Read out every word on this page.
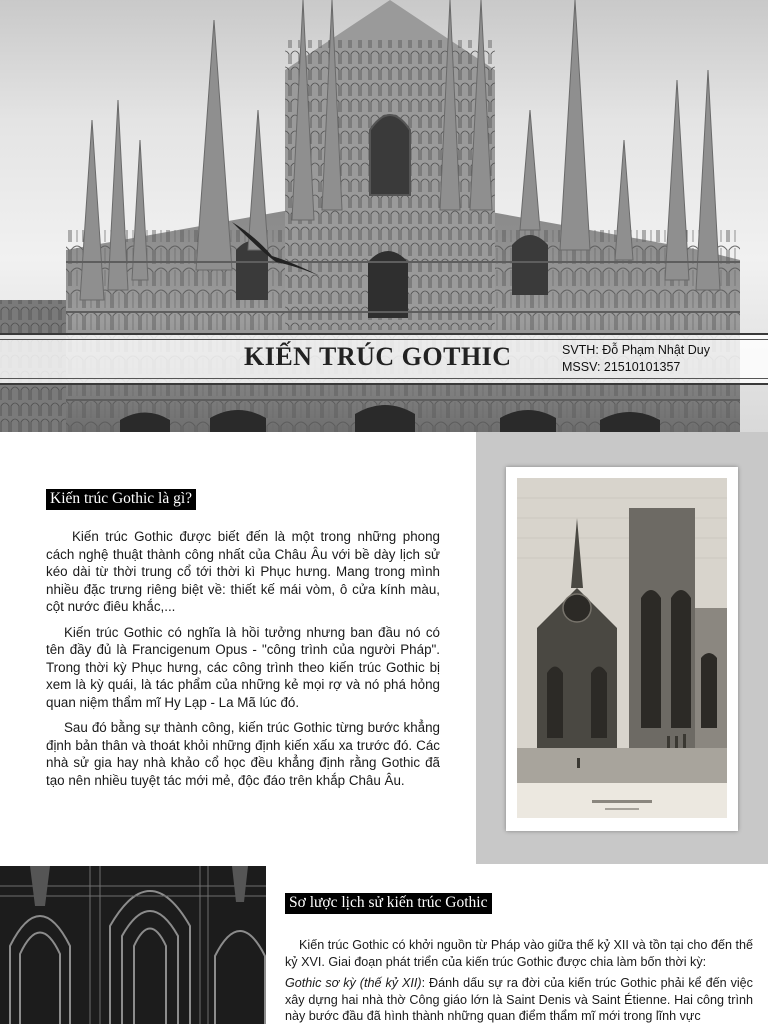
KIẾN TRÚC GOTHIC	SVTH: Đỗ Phạm Nhật Duy
MSSV: 21510101357
Kiến trúc Gothic là gì?

Kiến trúc Gothic được biết đến là một trong những phong cách nghệ thuật thành công nhất của Châu Âu với bề dày lịch sử kéo dài từ thời trung cổ tới thời kì Phục hưng. Mang trong mình nhiều đặc trưng riêng biệt về: thiết kế mái vòm, ô cửa kính màu, cột nước điêu khắc,...

Kiến trúc Gothic có nghĩa là hồi tưởng nhưng ban đầu nó có tên đầy đủ là Francigenum Opus - "công trình của người Pháp". Trong thời kỳ Phục hưng, các công trình theo kiến trúc Gothic bị xem là kỳ quái, là tác phẩm của những kẻ mọi rợ và nó phá hỏng quan niệm thẩm mĩ Hy Lạp - La Mã lúc đó.

Sau đó bằng sự thành công, kiến trúc Gothic từng bước khẳng định bản thân và thoát khỏi những định kiến xấu xa trước đó. Các nhà sử gia hay nhà khảo cổ học đều khẳng định rằng Gothic đã tạo nên nhiều tuyệt tác mới mẻ, độc đáo trên khắp Châu Âu.

Sơ lược lịch sử kiến trúc Gothic

Kiến trúc Gothic có khởi nguồn từ Pháp vào giữa thế kỷ XII và tồn tại cho đến thế kỷ XVI. Giai đoạn phát triển của kiến trúc Gothic được chia làm bốn thời kỳ:

Gothic sơ kỳ (thế kỷ XII): Đánh dấu sự ra đời của kiến trúc Gothic phải kể đến việc xây dựng hai nhà thờ Công giáo lớn là Saint Denis và Saint Étienne. Hai công trình này bước đầu đã hình thành những quan điểm thẩm mĩ mới trong lĩnh vực
